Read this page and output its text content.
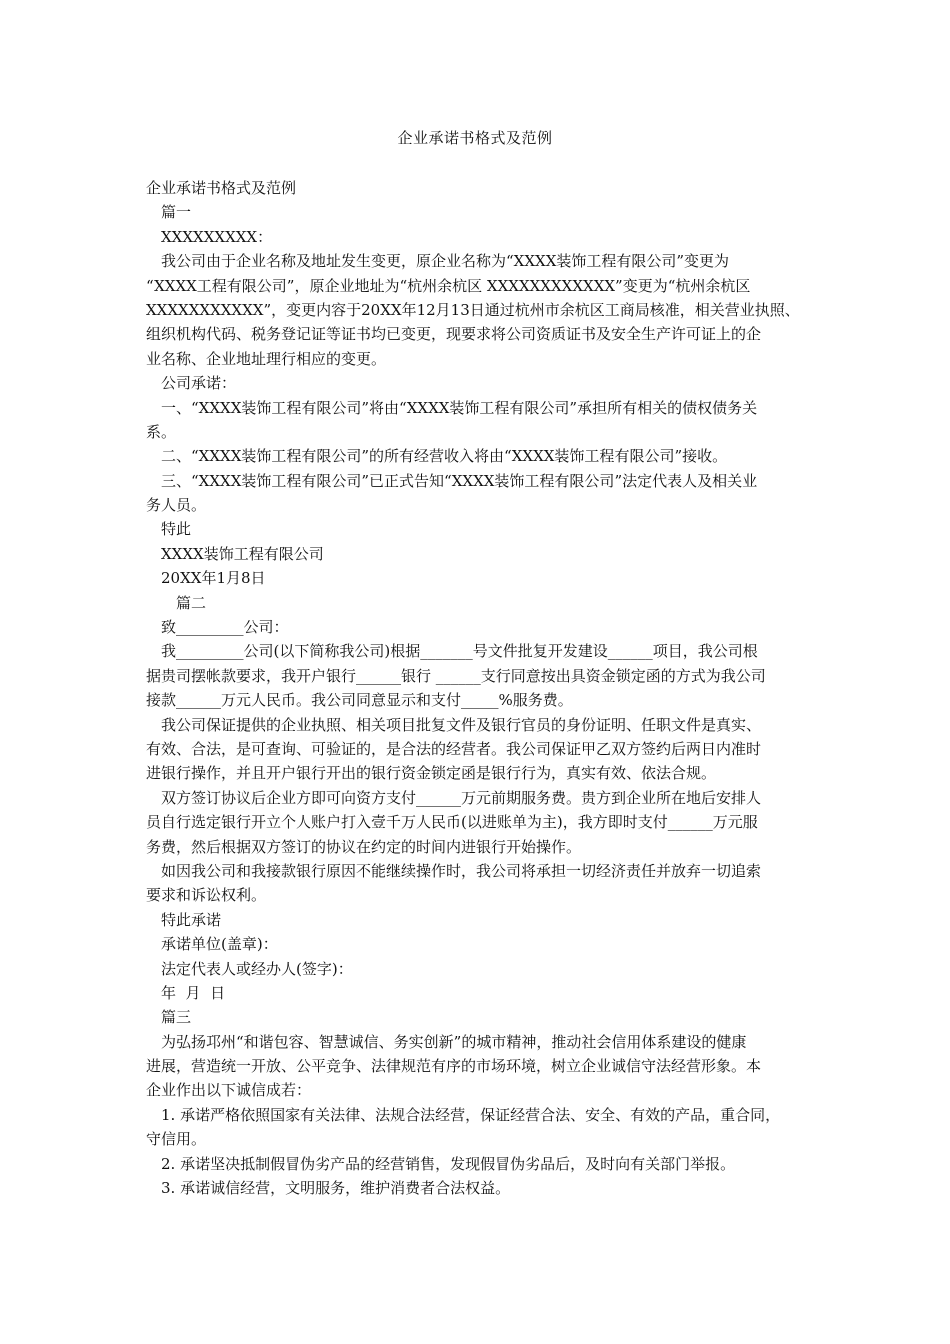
企业承诺书格式及范例
企业承诺书格式及范例
篇一
XXXXXXXXX：
我公司由于企业名称及地址发生变更，原企业名称为“XXXX装饰工程有限公司”变更为
“XXXX工程有限公司”，原企业地址为“杭州余杭区 XXXXXXXXXXXX”变更为“杭州余杭区
XXXXXXXXXXX”，变更内容于20XX年12月13日通过杭州市余杭区工商局核准，相关营业执照、
组织机构代码、税务登记证等证书均已变更，现要求将公司资质证书及安全生产许可证上的企
业名称、企业地址理行相应的变更。
公司承诺：
一、“XXXX装饰工程有限公司”将由“XXXX装饰工程有限公司”承担所有相关的债权债务关
系。
二、“XXXX装饰工程有限公司”的所有经营收入将由“XXXX装饰工程有限公司”接收。
三、“XXXX装饰工程有限公司”已正式告知“XXXX装饰工程有限公司”法定代表人及相关业
务人员。
特此
XXXX装饰工程有限公司
20XX年1月8日
篇二
致_________公司：
我_________公司(以下简称我公司)根据_______号文件批复开发建设______项目，我公司根
据贵司摆帐款要求，我开户银行______银行 ______支行同意按出具资金锁定函的方式为我公司
接款______万元人民币。我公司同意显示和支付_____%服务费。
我公司保证提供的企业执照、相关项目批复文件及银行官员的身份证明、任职文件是真实、
有效、合法，是可查询、可验证的，是合法的经营者。我公司保证甲乙双方签约后两日内准时
进银行操作，并且开户银行开出的银行资金锁定函是银行行为，真实有效、依法合规。
双方签订协议后企业方即可向资方支付______万元前期服务费。贵方到企业所在地后安排人
员自行选定银行开立个人账户打入壹千万人民币(以进账单为主)，我方即时支付______万元服
务费，然后根据双方签订的协议在约定的时间内进银行开始操作。
如因我公司和我接款银行原因不能继续操作时，我公司将承担一切经济责任并放弃一切追索
要求和诉讼权利。
特此承诺
承诺单位(盖章)：
法定代表人或经办人(签字)：
年  月  日
篇三
为弘扬邛州“和谐包容、智慧诚信、务实创新”的城市精神，推动社会信用体系建设的健康
进展，营造统一开放、公平竞争、法律规范有序的市场环境，树立企业诚信守法经营形象。本
企业作出以下诚信成若：
1. 承诺严格依照国家有关法律、法规合法经营，保证经营合法、安全、有效的产品，重合同，
守信用。
2. 承诺坚决抵制假冒伪劣产品的经营销售，发现假冒伪劣品后，及时向有关部门举报。
3. 承诺诚信经营，文明服务，维护消费者合法权益。
